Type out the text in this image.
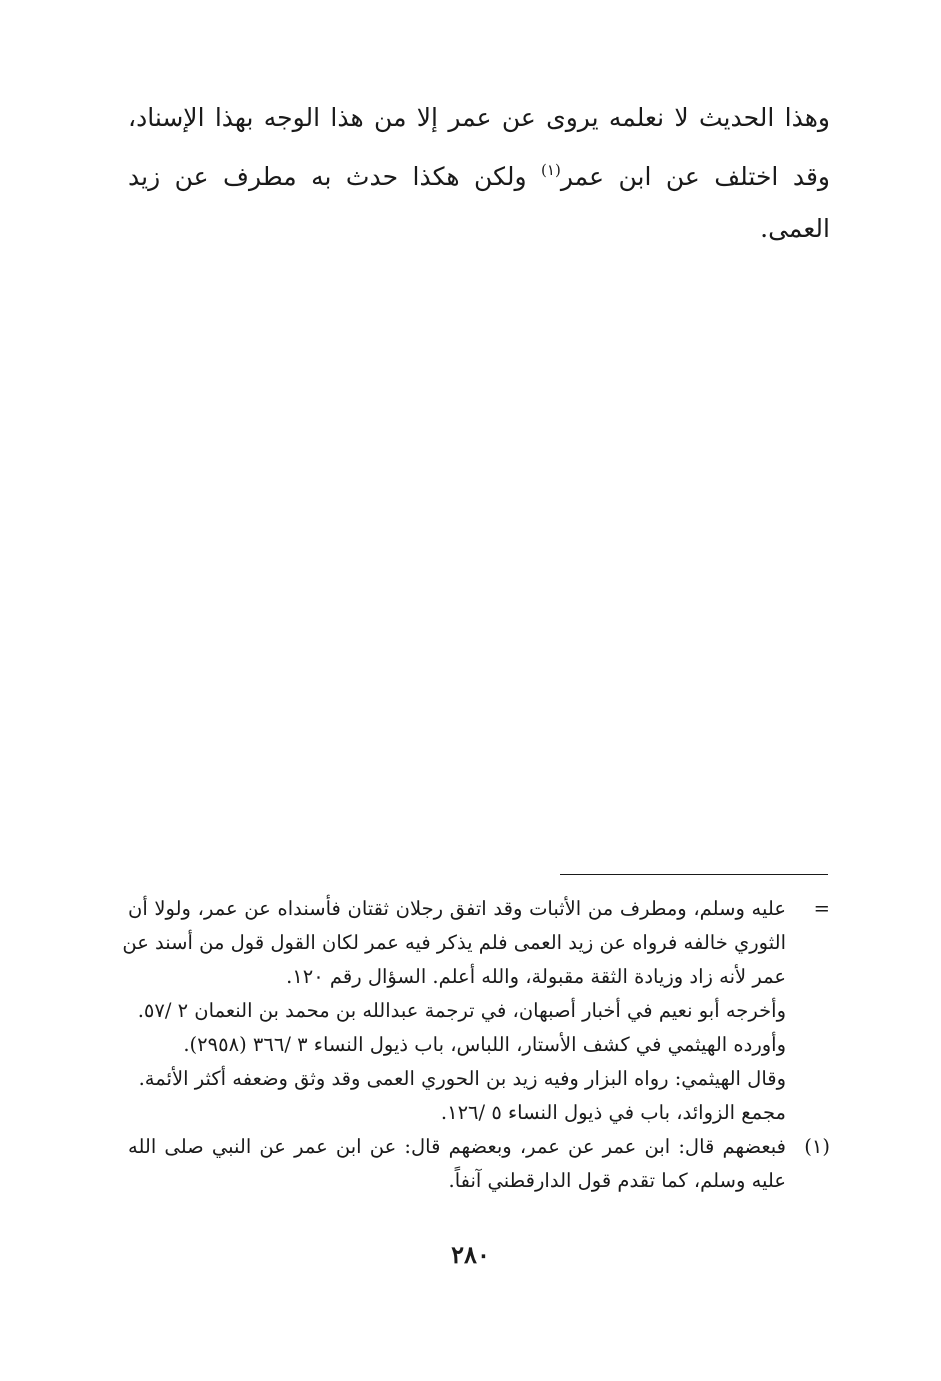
وهذا الحديث لا نعلمه يروى عن عمر إلا من هذا الوجه بهذا الإسناد،
وقد اختلف عن ابن عمر$^{(١)}$ ولكن هكذا حدث به مطرف عن زيد
العمى.
=
عليه وسلم، ومطرف من الأثبات وقد اتفق رجلان ثقتان فأسنداه عن عمر، ولولا أن
الثوري خالفه فرواه عن زيد العمى فلم يذكر فيه عمر لكان القول قول من أسند عن
عمر لأنه زاد وزيادة الثقة مقبولة، والله أعلم. السؤال رقم ١٢٠.
وأخرجه أبو نعيم في أخبار أصبهان، في ترجمة عبدالله بن محمد بن النعمان ٢ /٥٧.
وأورده الهيثمي في كشف الأستار، اللباس، باب ذيول النساء ٣ /٣٦٦ (٢٩٥٨).
وقال الهيثمي: رواه البزار وفيه زيد بن الحوري العمى وقد وثق وضعفه أكثر الأئمة.
مجمع الزوائد، باب في ذيول النساء ٥ /١٢٦.
(١)
فبعضهم قال: ابن عمر عن عمر، وبعضهم قال: عن ابن عمر عن النبي صلى الله
عليه وسلم، كما تقدم قول الدارقطني آنفاً.
٢٨٠
